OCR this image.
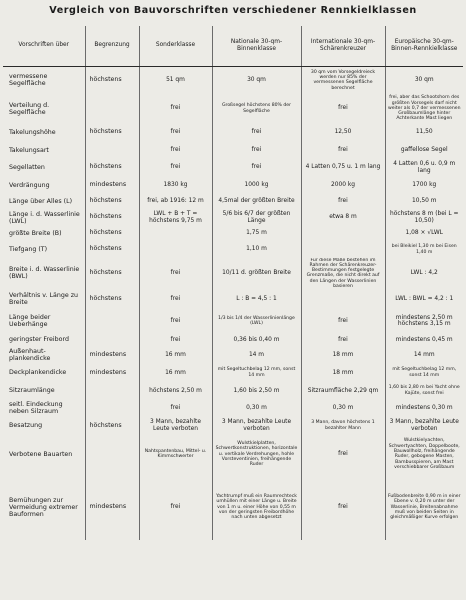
Vergleich von Bauvorschriften verschiedener Rennkielklassen
Vorschriften über	Begrenzung	Sonderklasse	Nationale 30-qm-Binnenklasse	Internationale 30-qm-Schärenkreuzer	Europäische 30-qm-Binnen-Rennkielklasse
vermessene Segelfläche	höchstens	51 qm	30 qm	30 qm vom Vorsegeldreieck werden nur 85% der vermessenen Segelfläche berechnet	30 qm
Verteilung d. Segelfläche		frei	Großsegel höchstens 80% der Segelfläche	frei	frei, aber das Schootshorn des größten Vorsegels darf nicht weiter als 0,7 der vermessenen Großbaumlänge hinter Achterkante Mast liegen
Takelungshöhe	höchstens	frei	frei	12,50	11,50
Takelungsart		frei	frei	frei	gaffellose Segel
Segellatten	höchstens	frei	frei	4 Latten 0,75 u. 1 m lang	4 Latten 0,6 u. 0,9 m lang
Verdrängung	mindestens	1830 kg	1000 kg	2000 kg	1700 kg
Länge über Alles (L)	höchstens	frei, ab 1916: 12 m	4,5mal der größten Breite	frei	10,50 m
Länge i. d. Wasserlinie (LWL)	höchstens	LWL + B + T = höchstens 9,75 m	5/6 bis 6/7 der größten Länge	etwa 8 m	höchstens 8 m (bei L = 10,50)
größte Breite (B)	höchstens		1,75 m		1,08 × √LWL
Tiefgang (T)	höchstens		1,10 m		bei Bleikiel 1,30 m bei Eisen 1,40 m
Breite i. d. Wasserlinie (BWL)	höchstens	frei	10/11 d. größten Breite	Für diese Maße bestehen im Rahmen der Schärenkreuzer-Bestimmungen festgelegte Grenzmaße, die nicht direkt auf den Längen der Wasserlinien basieren	LWL : 4,2
Verhältnis v. Länge zu Breite	höchstens	frei	L : B = 4,5 : 1		LWL : BWL = 4,2 : 1
Länge beider Ueberhänge		frei	1/3 bis 1/4 der Wasserlinienlänge (LWL)	frei	mindestens 2,50 m höchstens 3,15 m
geringster Freibord		frei	0,36 bis 0,40 m	frei	mindestens 0,45 m
Außenhautplankendicke	mindestens	16 mm	14 m	18 mm	14 mm
Deckplankendicke	mindestens	16 mm	mit Segeltuchbelag 12 mm, sonst 14 mm	18 mm	mit Segeltuchbelag 12 mm, sonst 14 mm
Sitzraumlänge		höchstens 2,50 m	1,60 bis 2,50 m	Sitzraumfläche 2,29 qm	1,60 bis 2,80 m bei Yacht ohne Kajüte, sonst frei
seitl. Eindeckung neben Silzraum		frei	0,30 m	0,30 m	mindestens 0,30 m
Besatzung	höchstens	3 Mann, bezahlte Leute verboten	3 Mann, bezahlte Leute verboten	3 Mann, davon höchstens 1 bezahlter Mann	3 Mann, bezahlte Leute verboten
Verbotene Bauarten		Nahtspantenbau, Mittel- u. Kimmschwerter	Wulstkielplatten, Schwertkonstruktionen, horizontale u. vertikale Verdrehungen, hohle Vorsteventinien, freihängende Ruder	frei	Wulstkielyachten, Schwertyachten, Doppelboote, Bauwollholz, freihängende Ruder, gebogene Masten, Bambusspieren, am Mast verschiebbarer Großbaum
Bemühungen zur Vermeidung extremer Bauformen	mindestens	frei	Yachtrumpf muß ein Raumrechteck umhüllen mit einer Länge u. Breite von 1 m u. einer Höhe von 0,55 m von der geringsten Freibordhöhe nach unten abgesetzt	frei	Fußbodenbreite 0,90 m in einer Ebene v. 0,20 m unter der Wasserlinie, Breitenabnahme muß von beiden Seiten in gleichmäßiger Kurve erfolgen
